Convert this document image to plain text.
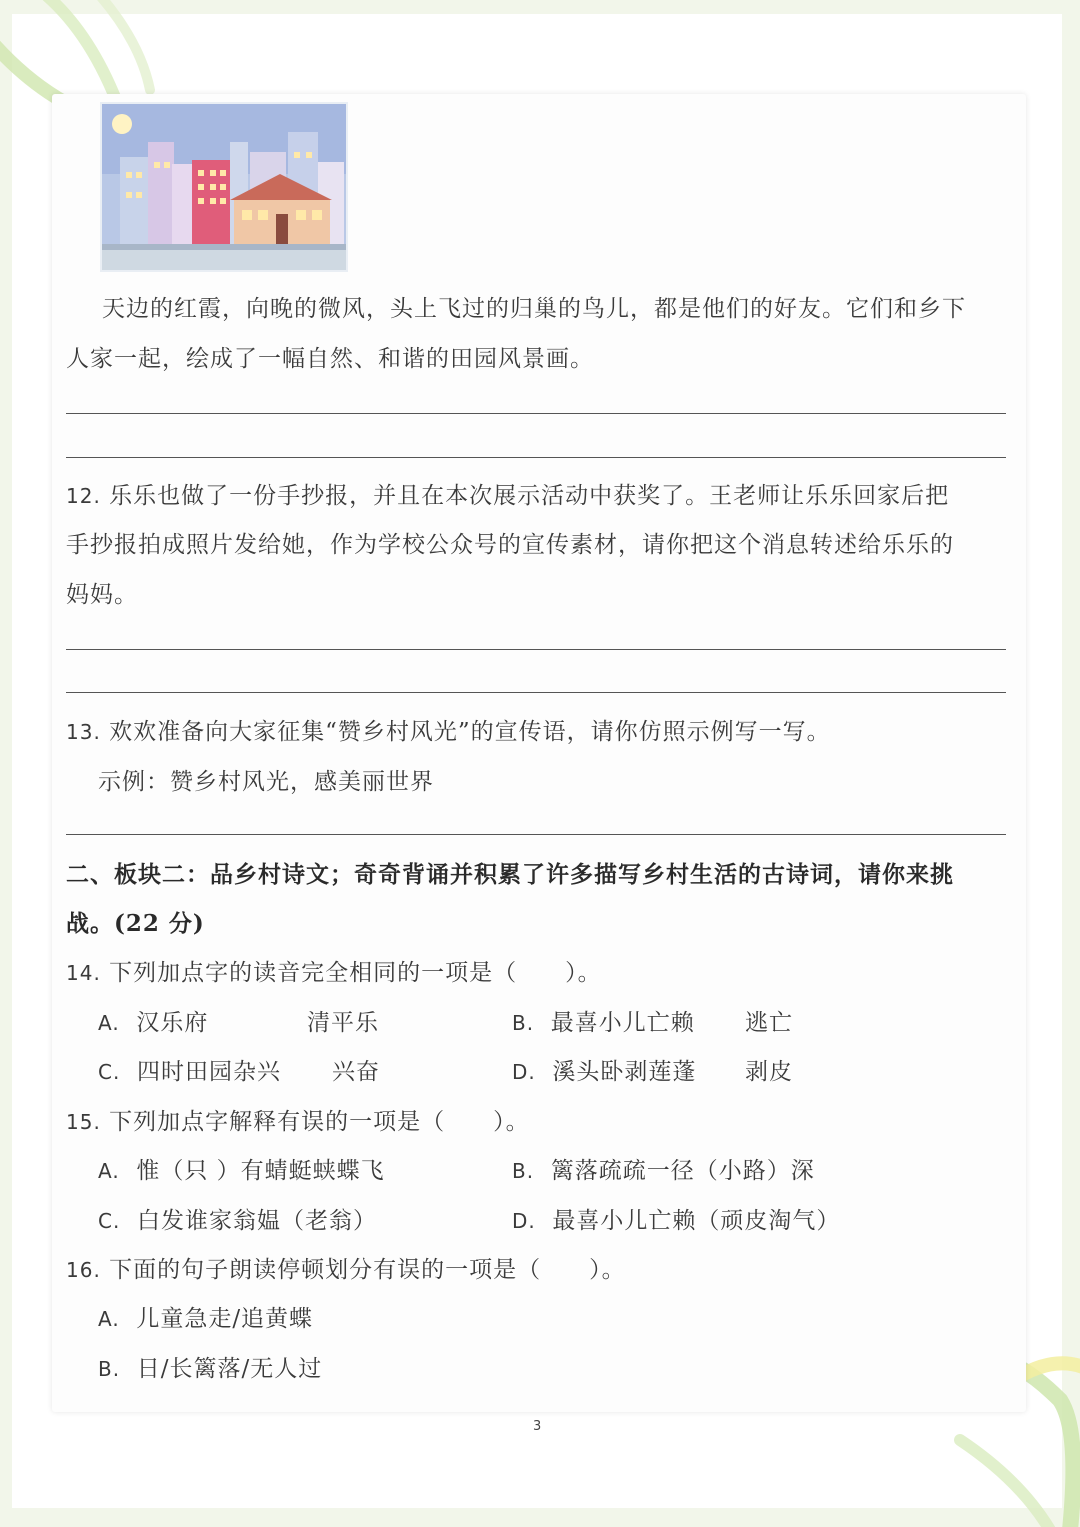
天边的红霞，向晚的微风，头上飞过的归巢的鸟儿，都是他们的好友。它们和乡下
人家一起，绘成了一幅自然、和谐的田园风景画。
12. 乐乐也做了一份手抄报，并且在本次展示活动中获奖了。王老师让乐乐回家后把
手抄报拍成照片发给她，作为学校公众号的宣传素材，请你把这个消息转述给乐乐的
妈妈。
13. 欢欢准备向大家征集“赞乡村风光”的宣传语，请你仿照示例写一写。
示例：赞乡村风光，感美丽世界
二、板块二：品乡村诗文；奇奇背诵并积累了许多描写乡村生活的古诗词，请你来挑
战。(22 分)
14. 下列加点字的读音完全相同的一项是（　　）。
A. 汉乐府	清平乐	B. 最喜小儿亡赖 逃亡
C. 四时田园杂兴 兴奋	D. 溪头卧剥莲蓬 剥皮
15. 下列加点字解释有误的一项是（　　）。
A. 惟（只 ）有蜻蜓蛱蝶飞	B. 篱落疏疏一径（小路）深
C. 白发谁家翁媪（老翁）	D. 最喜小儿亡赖（顽皮淘气）
16. 下面的句子朗读停顿划分有误的一项是（　　）。
A. 儿童急走/追黄蝶
B. 日/长篱落/无人过
3
